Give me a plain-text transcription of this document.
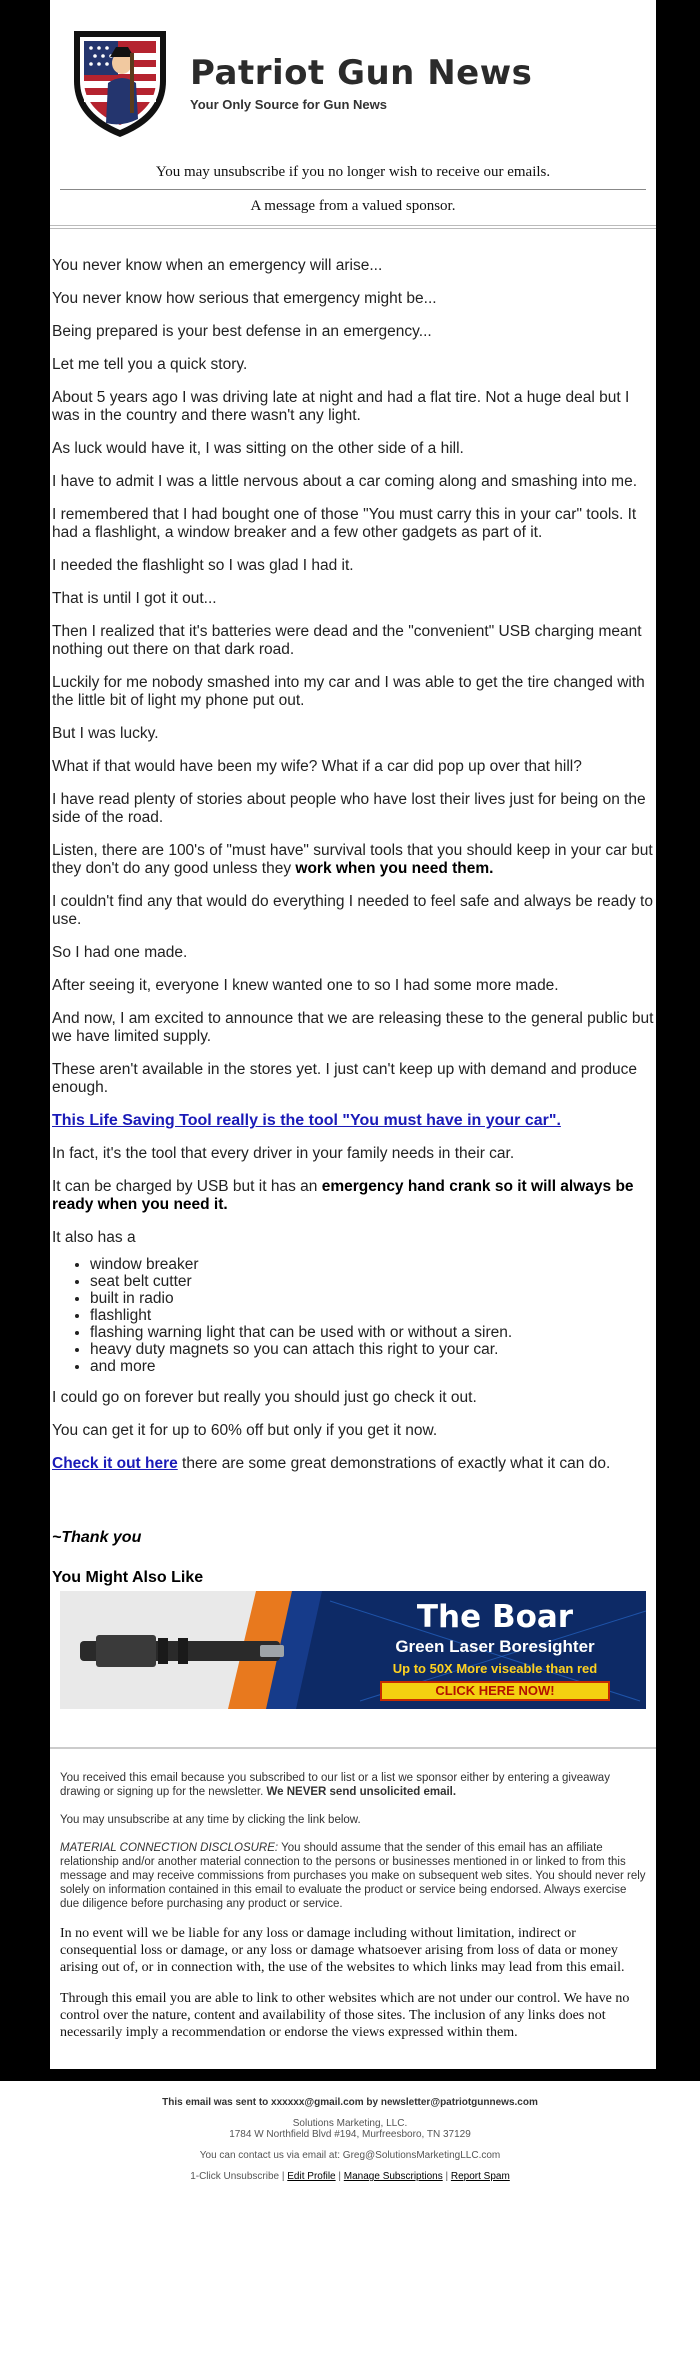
Patriot Gun News
Your Only Source for Gun News
You may unsubscribe if you no longer wish to receive our emails.
A message from a valued sponsor.

You never know when an emergency will arise...

You never know how serious that emergency might be...

Being prepared is your best defense in an emergency...

Let me tell you a quick story.

About 5 years ago I was driving late at night and had a flat tire. Not a huge deal but I was in the country and there wasn't any light.

As luck would have it, I was sitting on the other side of a hill.

I have to admit I was a little nervous about a car coming along and smashing into me.

I remembered that I had bought one of those "You must carry this in your car" tools. It had a flashlight, a window breaker and a few other gadgets as part of it.

I needed the flashlight so I was glad I had it.

That is until I got it out...

Then I realized that it's batteries were dead and the "convenient" USB charging meant nothing out there on that dark road.

Luckily for me nobody smashed into my car and I was able to get the tire changed with the little bit of light my phone put out.

But I was lucky.

What if that would have been my wife? What if a car did pop up over that hill?

I have read plenty of stories about people who have lost their lives just for being on the side of the road.

Listen, there are 100's of "must have" survival tools that you should keep in your car but they don't do any good unless they work when you need them.

I couldn't find any that would do everything I needed to feel safe and always be ready to use.

So I had one made.

After seeing it, everyone I knew wanted one to so I had some more made.

And now, I am excited to announce that we are releasing these to the general public but we have limited supply.

These aren't available in the stores yet. I just can't keep up with demand and produce enough.

This Life Saving Tool really is the tool "You must have in your car".

In fact, it's the tool that every driver in your family needs in their car.

It can be charged by USB but it has an emergency hand crank so it will always be ready when you need it.

It also has a

• window breaker
• seat belt cutter
• built in radio
• flashlight
• flashing warning light that can be used with or without a siren.
• heavy duty magnets so you can attach this right to your car.
• and more

I could go on forever but really you should just go check it out.

You can get it for up to 60% off but only if you get it now.

Check it out here there are some great demonstrations of exactly what it can do.

~Thank you
You Might Also Like
The Boar
Green Laser Boresighter
Up to 50X More viseable than red
CLICK HERE NOW!

You received this email because you subscribed to our list or a list we sponsor either by entering a giveaway drawing or signing up for the newsletter. We NEVER send unsolicited email.

You may unsubscribe at any time by clicking the link below.

MATERIAL CONNECTION DISCLOSURE: You should assume that the sender of this email has an affiliate relationship and/or another material connection to the persons or businesses mentioned in or linked to from this message and may receive commissions from purchases you make on subsequent web sites. You should never rely solely on information contained in this email to evaluate the product or service being endorsed. Always exercise due diligence before purchasing any product or service.

In no event will we be liable for any loss or damage including without limitation, indirect or consequential loss or damage, or any loss or damage whatsoever arising from loss of data or money arising out of, or in connection with, the use of the websites to which links may lead from this email.

Through this email you are able to link to other websites which are not under our control. We have no control over the nature, content and availability of those sites. The inclusion of any links does not necessarily imply a recommendation or endorse the views expressed within them.

This email was sent to xxxxxx@gmail.com by newsletter@patriotgunnews.com

Solutions Marketing, LLC.
1784 W Northfield Blvd #194, Murfreesboro, TN 37129

You can contact us via email at: Greg@SolutionsMarketingLLC.com

1-Click Unsubscribe | Edit Profile | Manage Subscriptions | Report Spam
